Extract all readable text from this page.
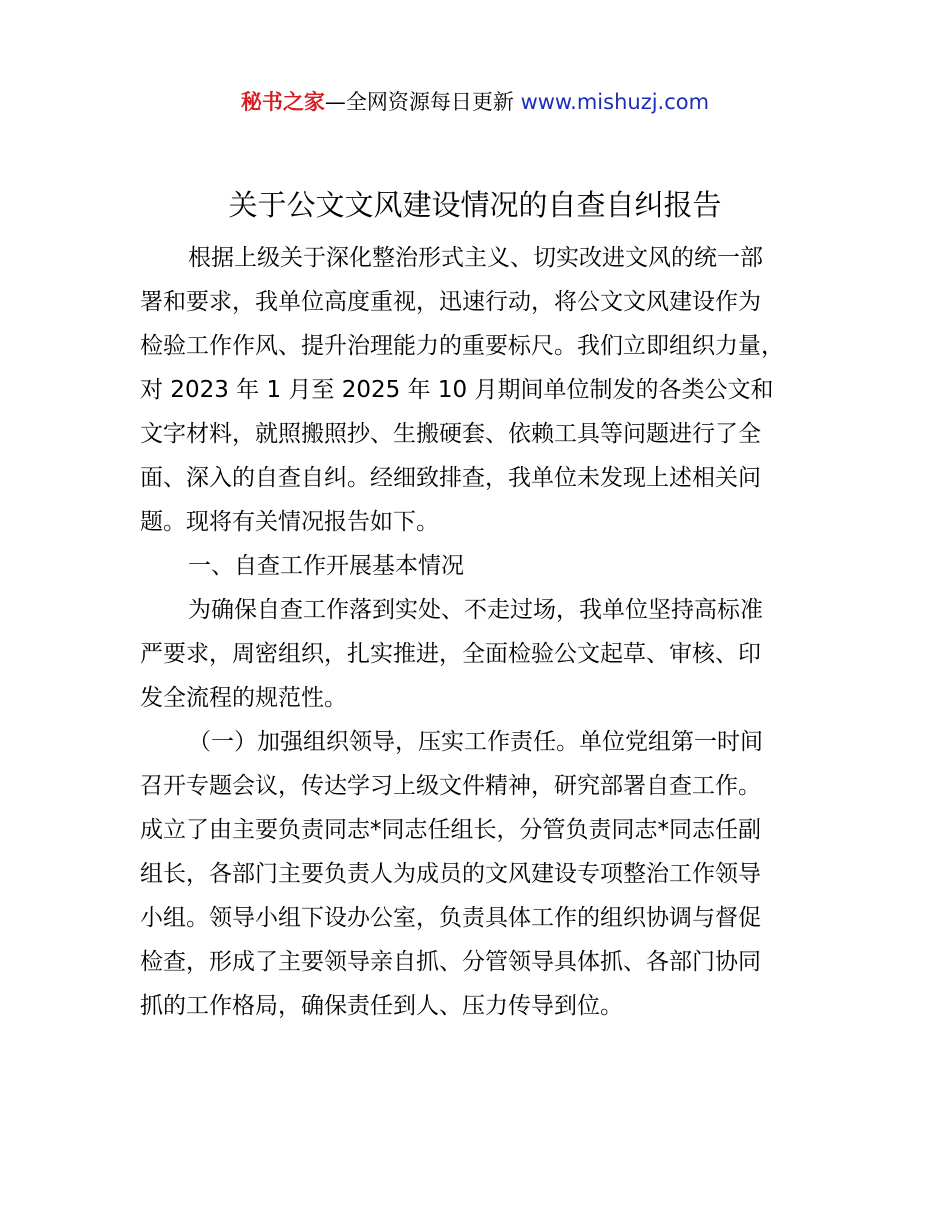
秘书之家—全网资源每日更新 www.mishuzj.com
关于公文文风建设情况的自查自纠报告

根据上级关于深化整治形式主义、切实改进文风的统一部
署和要求，我单位高度重视，迅速行动，将公文文风建设作为
检验工作作风、提升治理能力的重要标尺。我们立即组织力量，
对 2023 年 1 月至 2025 年 10 月期间单位制发的各类公文和
文字材料，就照搬照抄、生搬硬套、依赖工具等问题进行了全
面、深入的自查自纠。经细致排查，我单位未发现上述相关问
题。现将有关情况报告如下。

一、自查工作开展基本情况

为确保自查工作落到实处、不走过场，我单位坚持高标准
严要求，周密组织，扎实推进，全面检验公文起草、审核、印
发全流程的规范性。

（一）加强组织领导，压实工作责任。单位党组第一时间
召开专题会议，传达学习上级文件精神，研究部署自查工作。
成立了由主要负责同志*同志任组长，分管负责同志*同志任副
组长，各部门主要负责人为成员的文风建设专项整治工作领导
小组。领导小组下设办公室，负责具体工作的组织协调与督促
检查，形成了主要领导亲自抓、分管领导具体抓、各部门协同
抓的工作格局，确保责任到人、压力传导到位。
